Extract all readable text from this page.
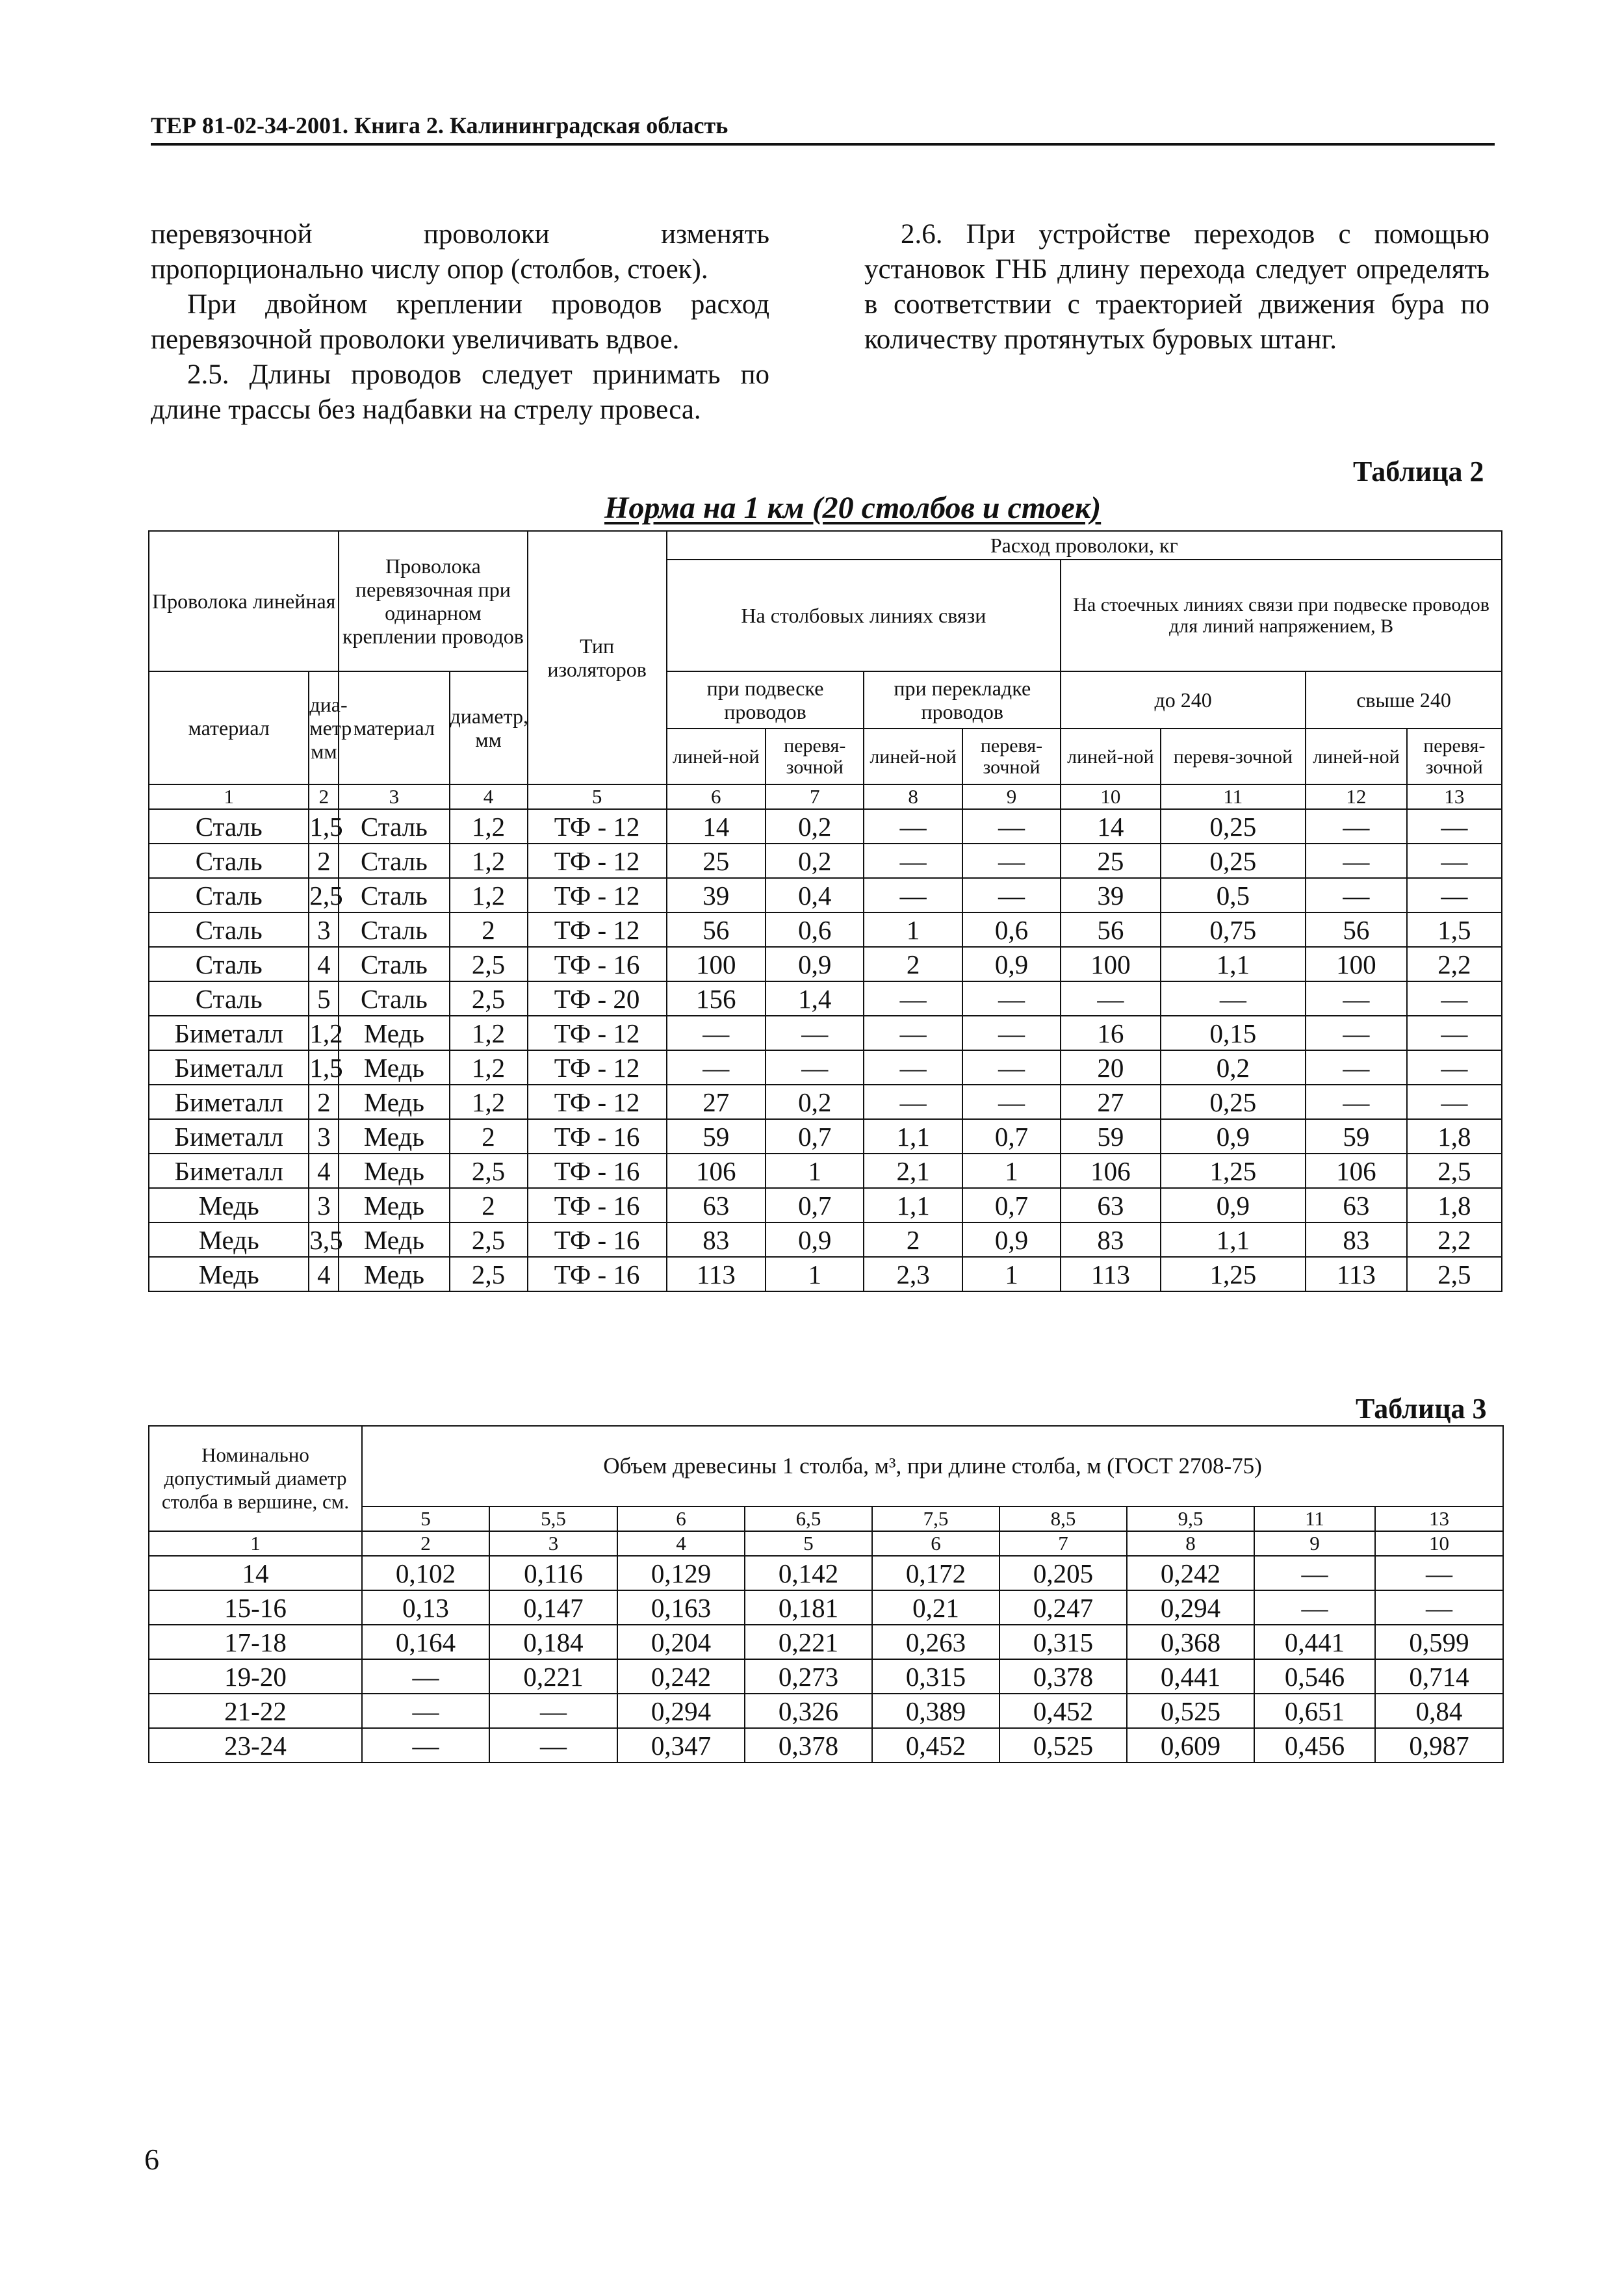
ТЕР 81-02-34-2001. Книга 2. Калининградская область

перевязочной проволоки изменять пропорционально числу опор (столбов, стоек).

При двойном креплении проводов расход перевязочной проволоки увеличивать вдвое.

2.5. Длины проводов следует принимать по длине трассы без надбавки на стрелу провеса.

2.6. При устройстве переходов с помощью установок ГНБ длину перехода следует определять в соответствии с траекторией движения бура по количеству протянутых буровых штанг.

Таблица 2
Норма на 1 км (20 столбов и стоек)
Проволока линейная		Проволока перевязочная при одинарном креплении проводов		Тип изоляторов	Расход проволоки, кг							
					На столбовых линиях связи				На стоечных линиях связи при подвеске проводов для линий напряжением, В			

материал	диа-метр мм	материал	диаметр, мм		при подвеске проводов		при перекладке проводов		до 240		свыше 240	
					линей-ной	перевя-зочной	линей-ной	перевя-зочной	линей-ной	перевя-зочной	линей-ной	перевя-зочной
1	2	3	4	5	6	7	8	9	10	11	12	13
Сталь	1,5	Сталь	1,2	ТФ - 12	14	0,2	—	—	14	0,25	—	—
Сталь	2	Сталь	1,2	ТФ - 12	25	0,2	—	—	25	0,25	—	—
Сталь	2,5	Сталь	1,2	ТФ - 12	39	0,4	—	—	39	0,5	—	—
Сталь	3	Сталь	2	ТФ - 12	56	0,6	1	0,6	56	0,75	56	1,5
Сталь	4	Сталь	2,5	ТФ - 16	100	0,9	2	0,9	100	1,1	100	2,2
Сталь	5	Сталь	2,5	ТФ - 20	156	1,4	—	—	—	—	—	—
Биметалл	1,2	Медь	1,2	ТФ - 12	—	—	—	—	16	0,15	—	—
Биметалл	1,5	Медь	1,2	ТФ - 12	—	—	—	—	20	0,2	—	—
Биметалл	2	Медь	1,2	ТФ - 12	27	0,2	—	—	27	0,25	—	—
Биметалл	3	Медь	2	ТФ - 16	59	0,7	1,1	0,7	59	0,9	59	1,8
Биметалл	4	Медь	2,5	ТФ - 16	106	1	2,1	1	106	1,25	106	2,5
Медь	3	Медь	2	ТФ - 16	63	0,7	1,1	0,7	63	0,9	63	1,8
Медь	3,5	Медь	2,5	ТФ - 16	83	0,9	2	0,9	83	1,1	83	2,2
Медь	4	Медь	2,5	ТФ - 16	113	1	2,3	1	113	1,25	113	2,5
Таблица 3
Номинально допустимый диаметр столба в вершине, см.	Объем древесины 1 столба, м³, при длине столба, м (ГОСТ 2708-75)								
	5	5,5	6	6,5	7,5	8,5	9,5	11	13
1	2	3	4	5	6	7	8	9	10
14	0,102	0,116	0,129	0,142	0,172	0,205	0,242	—	—
15-16	0,13	0,147	0,163	0,181	0,21	0,247	0,294	—	—
17-18	0,164	0,184	0,204	0,221	0,263	0,315	0,368	0,441	0,599
19-20	—	0,221	0,242	0,273	0,315	0,378	0,441	0,546	0,714
21-22	—	—	0,294	0,326	0,389	0,452	0,525	0,651	0,84
23-24	—	—	0,347	0,378	0,452	0,525	0,609	0,456	0,987
6
